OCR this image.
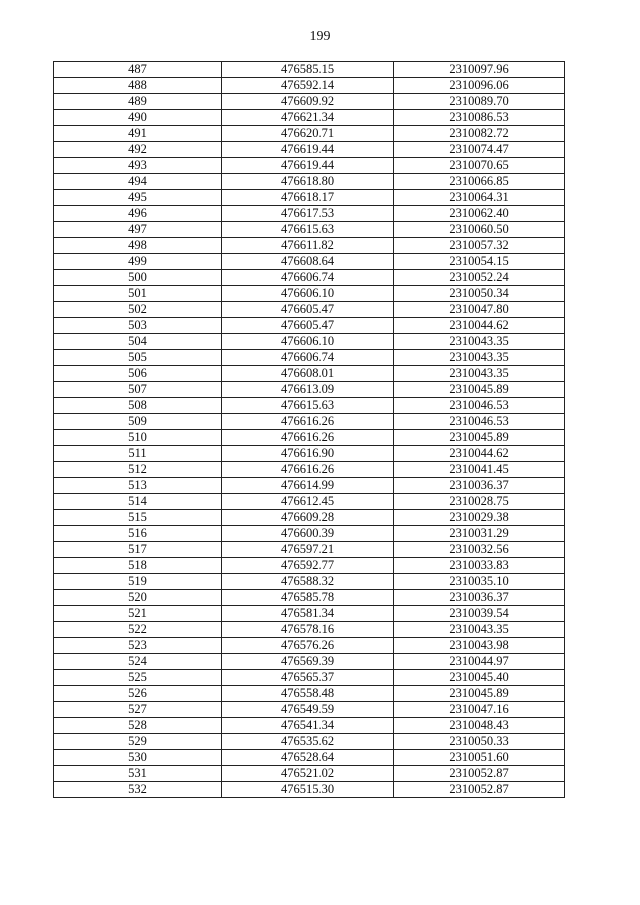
199
487	476585.15	2310097.96
488	476592.14	2310096.06
489	476609.92	2310089.70
490	476621.34	2310086.53
491	476620.71	2310082.72
492	476619.44	2310074.47
493	476619.44	2310070.65
494	476618.80	2310066.85
495	476618.17	2310064.31
496	476617.53	2310062.40
497	476615.63	2310060.50
498	476611.82	2310057.32
499	476608.64	2310054.15
500	476606.74	2310052.24
501	476606.10	2310050.34
502	476605.47	2310047.80
503	476605.47	2310044.62
504	476606.10	2310043.35
505	476606.74	2310043.35
506	476608.01	2310043.35
507	476613.09	2310045.89
508	476615.63	2310046.53
509	476616.26	2310046.53
510	476616.26	2310045.89
511	476616.90	2310044.62
512	476616.26	2310041.45
513	476614.99	2310036.37
514	476612.45	2310028.75
515	476609.28	2310029.38
516	476600.39	2310031.29
517	476597.21	2310032.56
518	476592.77	2310033.83
519	476588.32	2310035.10
520	476585.78	2310036.37
521	476581.34	2310039.54
522	476578.16	2310043.35
523	476576.26	2310043.98
524	476569.39	2310044.97
525	476565.37	2310045.40
526	476558.48	2310045.89
527	476549.59	2310047.16
528	476541.34	2310048.43
529	476535.62	2310050.33
530	476528.64	2310051.60
531	476521.02	2310052.87
532	476515.30	2310052.87
